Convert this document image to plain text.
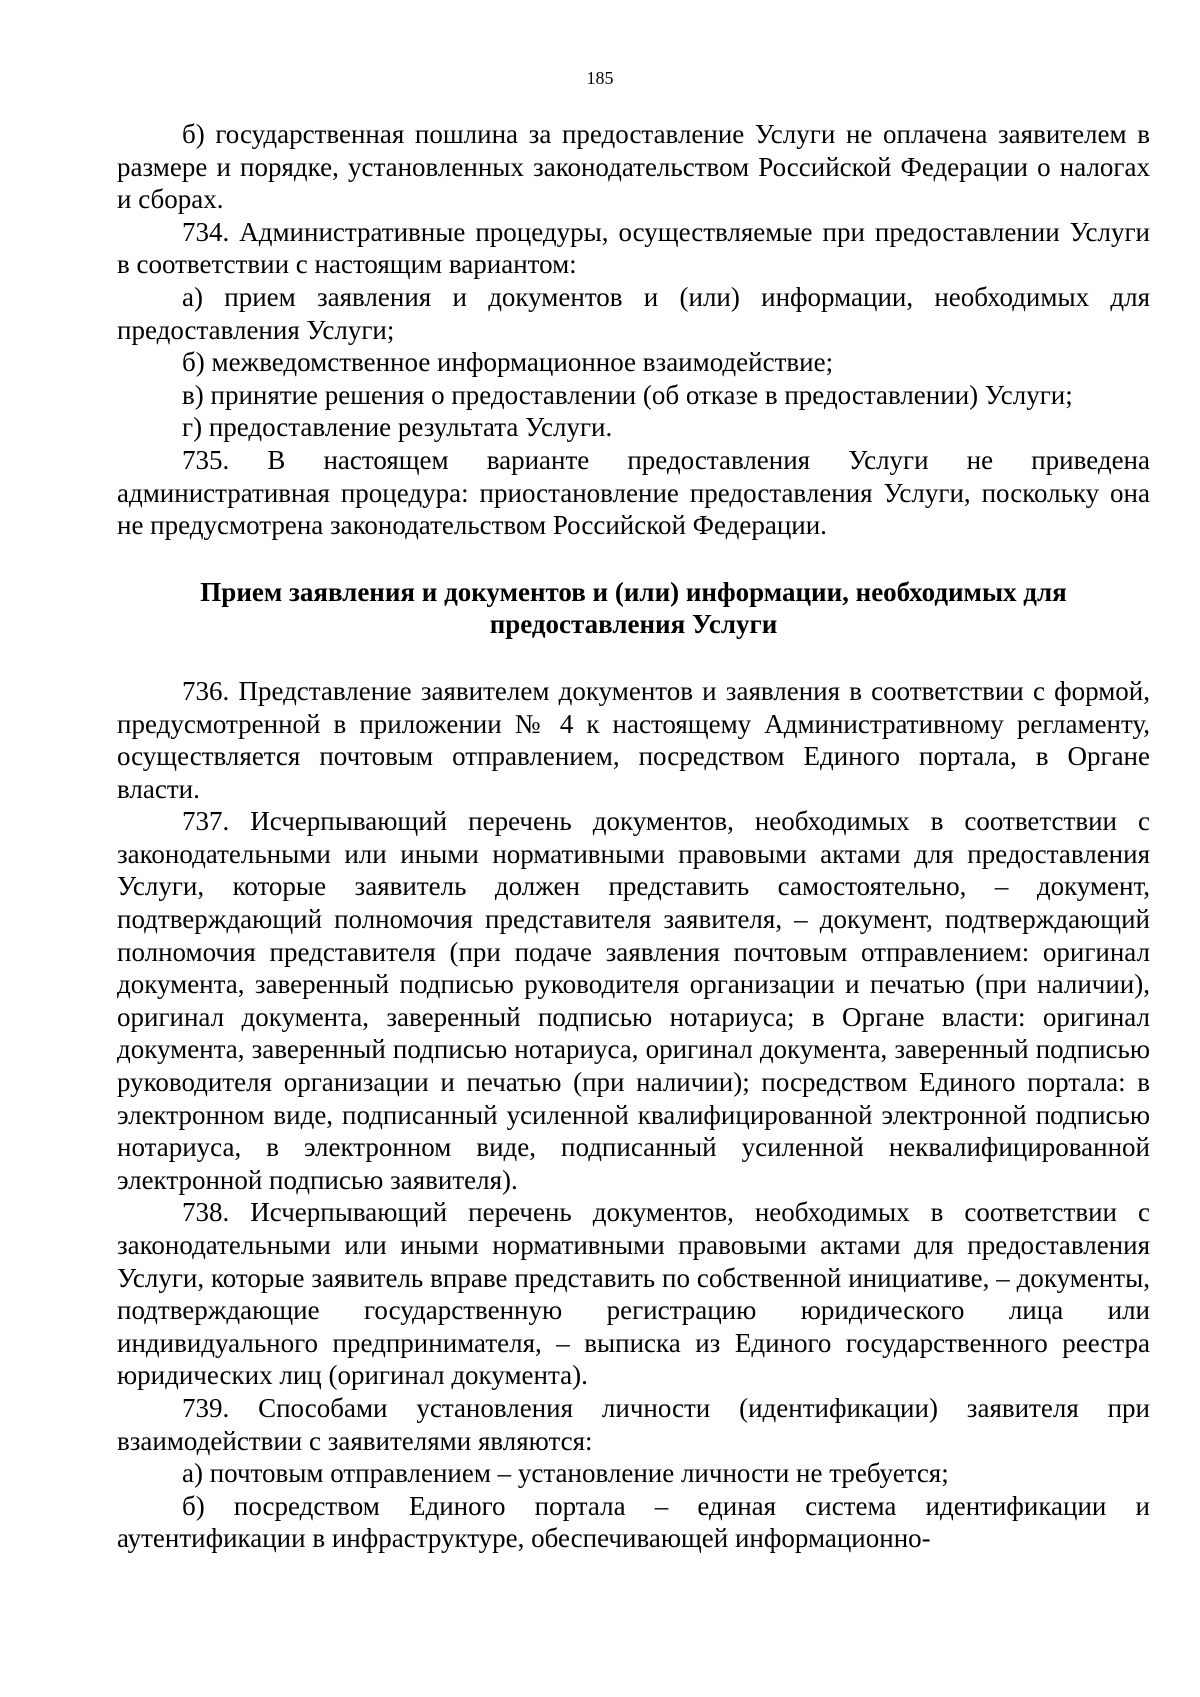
185

б) государственная пошлина за предоставление Услуги не оплачена заявителем в размере и порядке, установленных законодательством Российской Федерации о налогах и сборах.

734. Административные процедуры, осуществляемые при предоставлении Услуги в соответствии с настоящим вариантом:

а) прием заявления и документов и (или) информации, необходимых для предоставления Услуги;

б) межведомственное информационное взаимодействие;

в) принятие решения о предоставлении (об отказе в предоставлении) Услуги;

г) предоставление результата Услуги.

735. В настоящем варианте предоставления Услуги не приведена административная процедура: приостановление предоставления Услуги, поскольку она не предусмотрена законодательством Российской Федерации.

Прием заявления и документов и (или) информации, необходимых для предоставления Услуги

736. Представление заявителем документов и заявления в соответствии с формой, предусмотренной в приложении № 4 к настоящему Административному регламенту, осуществляется почтовым отправлением, посредством Единого портала, в Органе власти.

737. Исчерпывающий перечень документов, необходимых в соответствии с законодательными или иными нормативными правовыми актами для предоставления Услуги, которые заявитель должен представить самостоятельно, – документ, подтверждающий полномочия представителя заявителя, – документ, подтверждающий полномочия представителя (при подаче заявления почтовым отправлением: оригинал документа, заверенный подписью руководителя организации и печатью (при наличии), оригинал документа, заверенный подписью нотариуса; в Органе власти: оригинал документа, заверенный подписью нотариуса, оригинал документа, заверенный подписью руководителя организации и печатью (при наличии); посредством Единого портала: в электронном виде, подписанный усиленной квалифицированной электронной подписью нотариуса, в электронном виде, подписанный усиленной неквалифицированной электронной подписью заявителя).

738. Исчерпывающий перечень документов, необходимых в соответствии с законодательными или иными нормативными правовыми актами для предоставления Услуги, которые заявитель вправе представить по собственной инициативе, – документы, подтверждающие государственную регистрацию юридического лица или индивидуального предпринимателя, – выписка из Единого государственного реестра юридических лиц (оригинал документа).

739. Способами установления личности (идентификации) заявителя при взаимодействии с заявителями являются:

а) почтовым отправлением – установление личности не требуется;

б) посредством Единого портала – единая система идентификации и аутентификации в инфраструктуре, обеспечивающей информационно-
